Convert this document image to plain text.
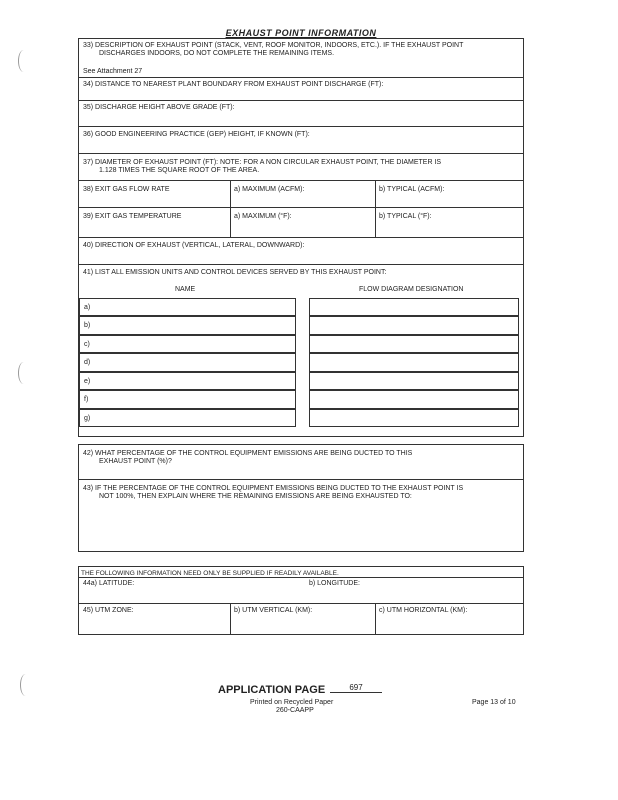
EXHAUST POINT INFORMATION
33) DESCRIPTION OF EXHAUST POINT (STACK, VENT, ROOF MONITOR, INDOORS, ETC.). IF THE EXHAUST POINT
DISCHARGES INDOORS, DO NOT COMPLETE THE REMAINING ITEMS.
See Attachment 27
34) DISTANCE TO NEAREST PLANT BOUNDARY FROM EXHAUST POINT DISCHARGE (FT):
35) DISCHARGE HEIGHT ABOVE GRADE (FT):
36) GOOD ENGINEERING PRACTICE (GEP) HEIGHT, IF KNOWN (FT):
37) DIAMETER OF EXHAUST POINT (FT): NOTE: FOR A NON CIRCULAR EXHAUST POINT, THE DIAMETER IS
1.128 TIMES THE SQUARE ROOT OF THE AREA.
38) EXIT GAS FLOW RATE	a) MAXIMUM (ACFM):	b) TYPICAL (ACFM):
39) EXIT GAS TEMPERATURE	a) MAXIMUM (°F):	b) TYPICAL (°F):
40) DIRECTION OF EXHAUST (VERTICAL, LATERAL, DOWNWARD):
41) LIST ALL EMISSION UNITS AND CONTROL DEVICES SERVED BY THIS EXHAUST POINT:
NAME	FLOW DIAGRAM DESIGNATION
a)
b)
c)
d)
e)
f)
g)
42) WHAT PERCENTAGE OF THE CONTROL EQUIPMENT EMISSIONS ARE BEING DUCTED TO THIS
EXHAUST POINT (%)?
43) IF THE PERCENTAGE OF THE CONTROL EQUIPMENT EMISSIONS BEING DUCTED TO THE EXHAUST POINT IS
NOT 100%, THEN EXPLAIN WHERE THE REMAINING EMISSIONS ARE BEING EXHAUSTED TO:
THE FOLLOWING INFORMATION NEED ONLY BE SUPPLIED IF READILY AVAILABLE.
44a) LATITUDE:	b) LONGITUDE:
45) UTM ZONE:	b) UTM VERTICAL (KM):	c) UTM HORIZONTAL (KM):
APPLICATION PAGE	697
Printed on Recycled Paper
260-CAAPP
Page 13 of 10
